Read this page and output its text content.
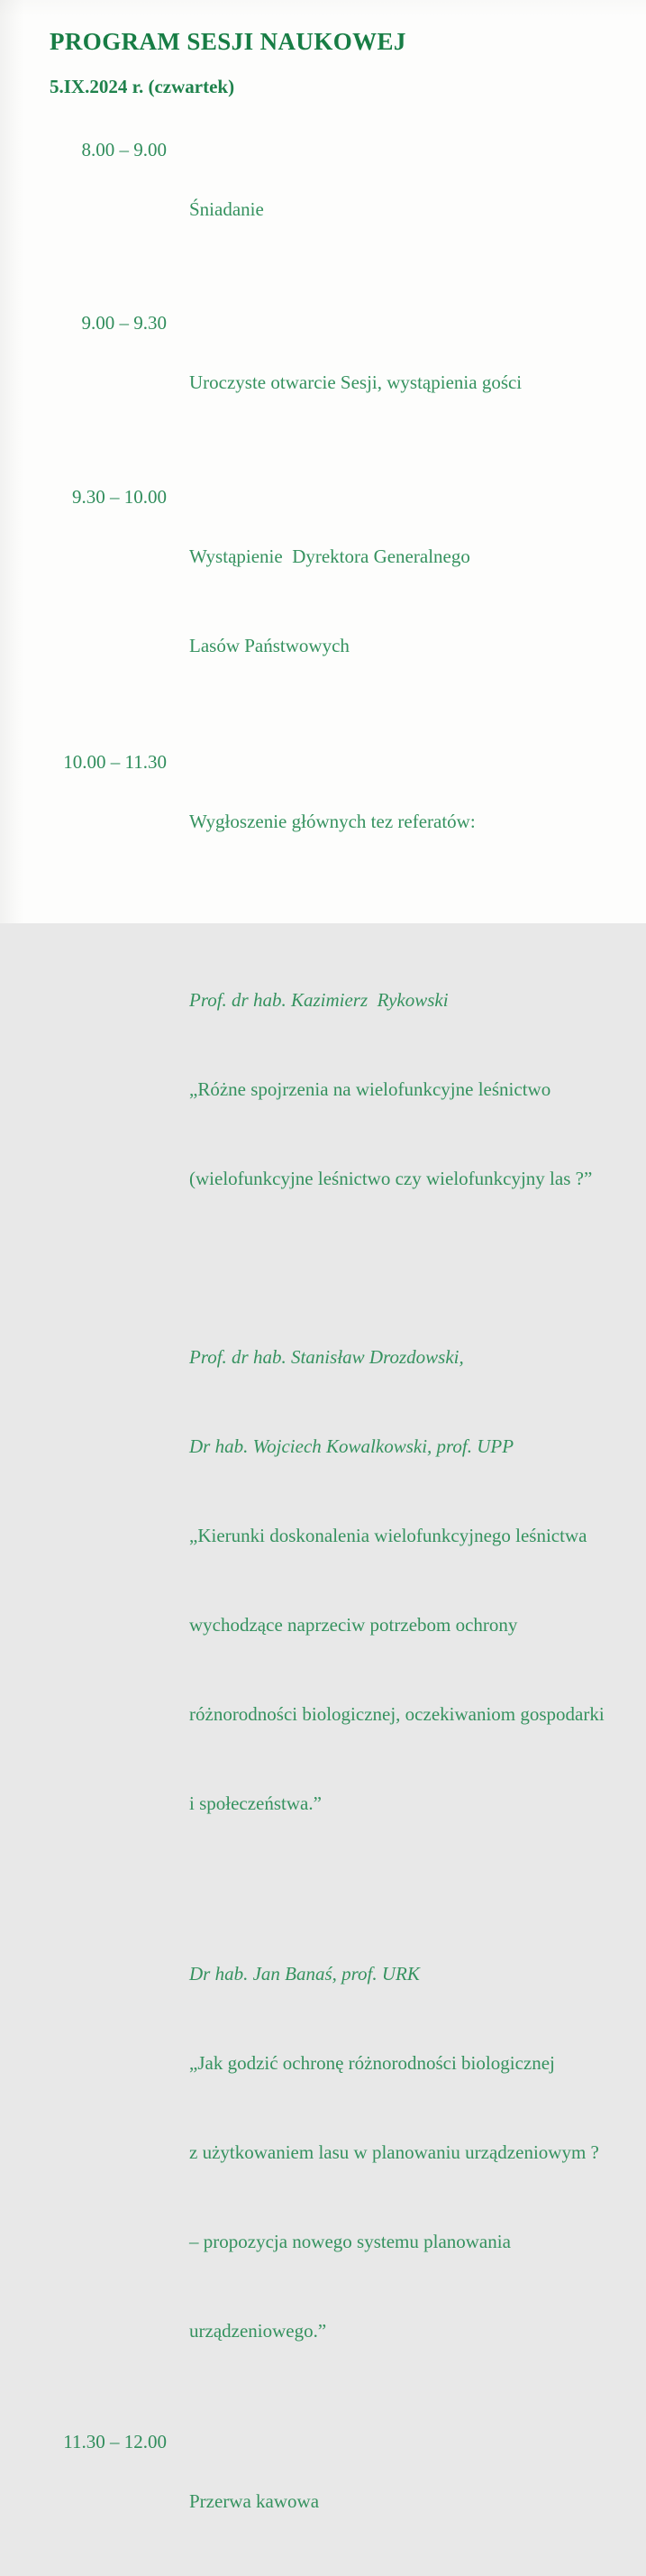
PROGRAM SESJI NAUKOWEJ
5.IX.2024 r. (czwartek)
8.00 – 9.00

Śniadanie

9.00 – 9.30

Uroczyste otwarcie Sesji, wystąpienia gości

9.30 – 10.00

Wystąpienie  Dyrektora Generalnego

Lasów Państwowych

10.00 – 11.30

Wygłoszenie głównych tez referatów:

Prof. dr hab. Kazimierz  Rykowski

„Różne spojrzenia na wielofunkcyjne leśnictwo

(wielofunkcyjne leśnictwo czy wielofunkcyjny las ?”

Prof. dr hab. Stanisław Drozdowski,

Dr hab. Wojciech Kowalkowski, prof. UPP

„Kierunki doskonalenia wielofunkcyjnego leśnictwa

wychodzące naprzeciw potrzebom ochrony

różnorodności biologicznej, oczekiwaniom gospodarki

i społeczeństwa.”

Dr hab. Jan Banaś, prof. URK

„Jak godzić ochronę różnorodności biologicznej

z użytkowaniem lasu w planowaniu urządzeniowym ?

– propozycja nowego systemu planowania

urządzeniowego.”

11.30 – 12.00

Przerwa kawowa
